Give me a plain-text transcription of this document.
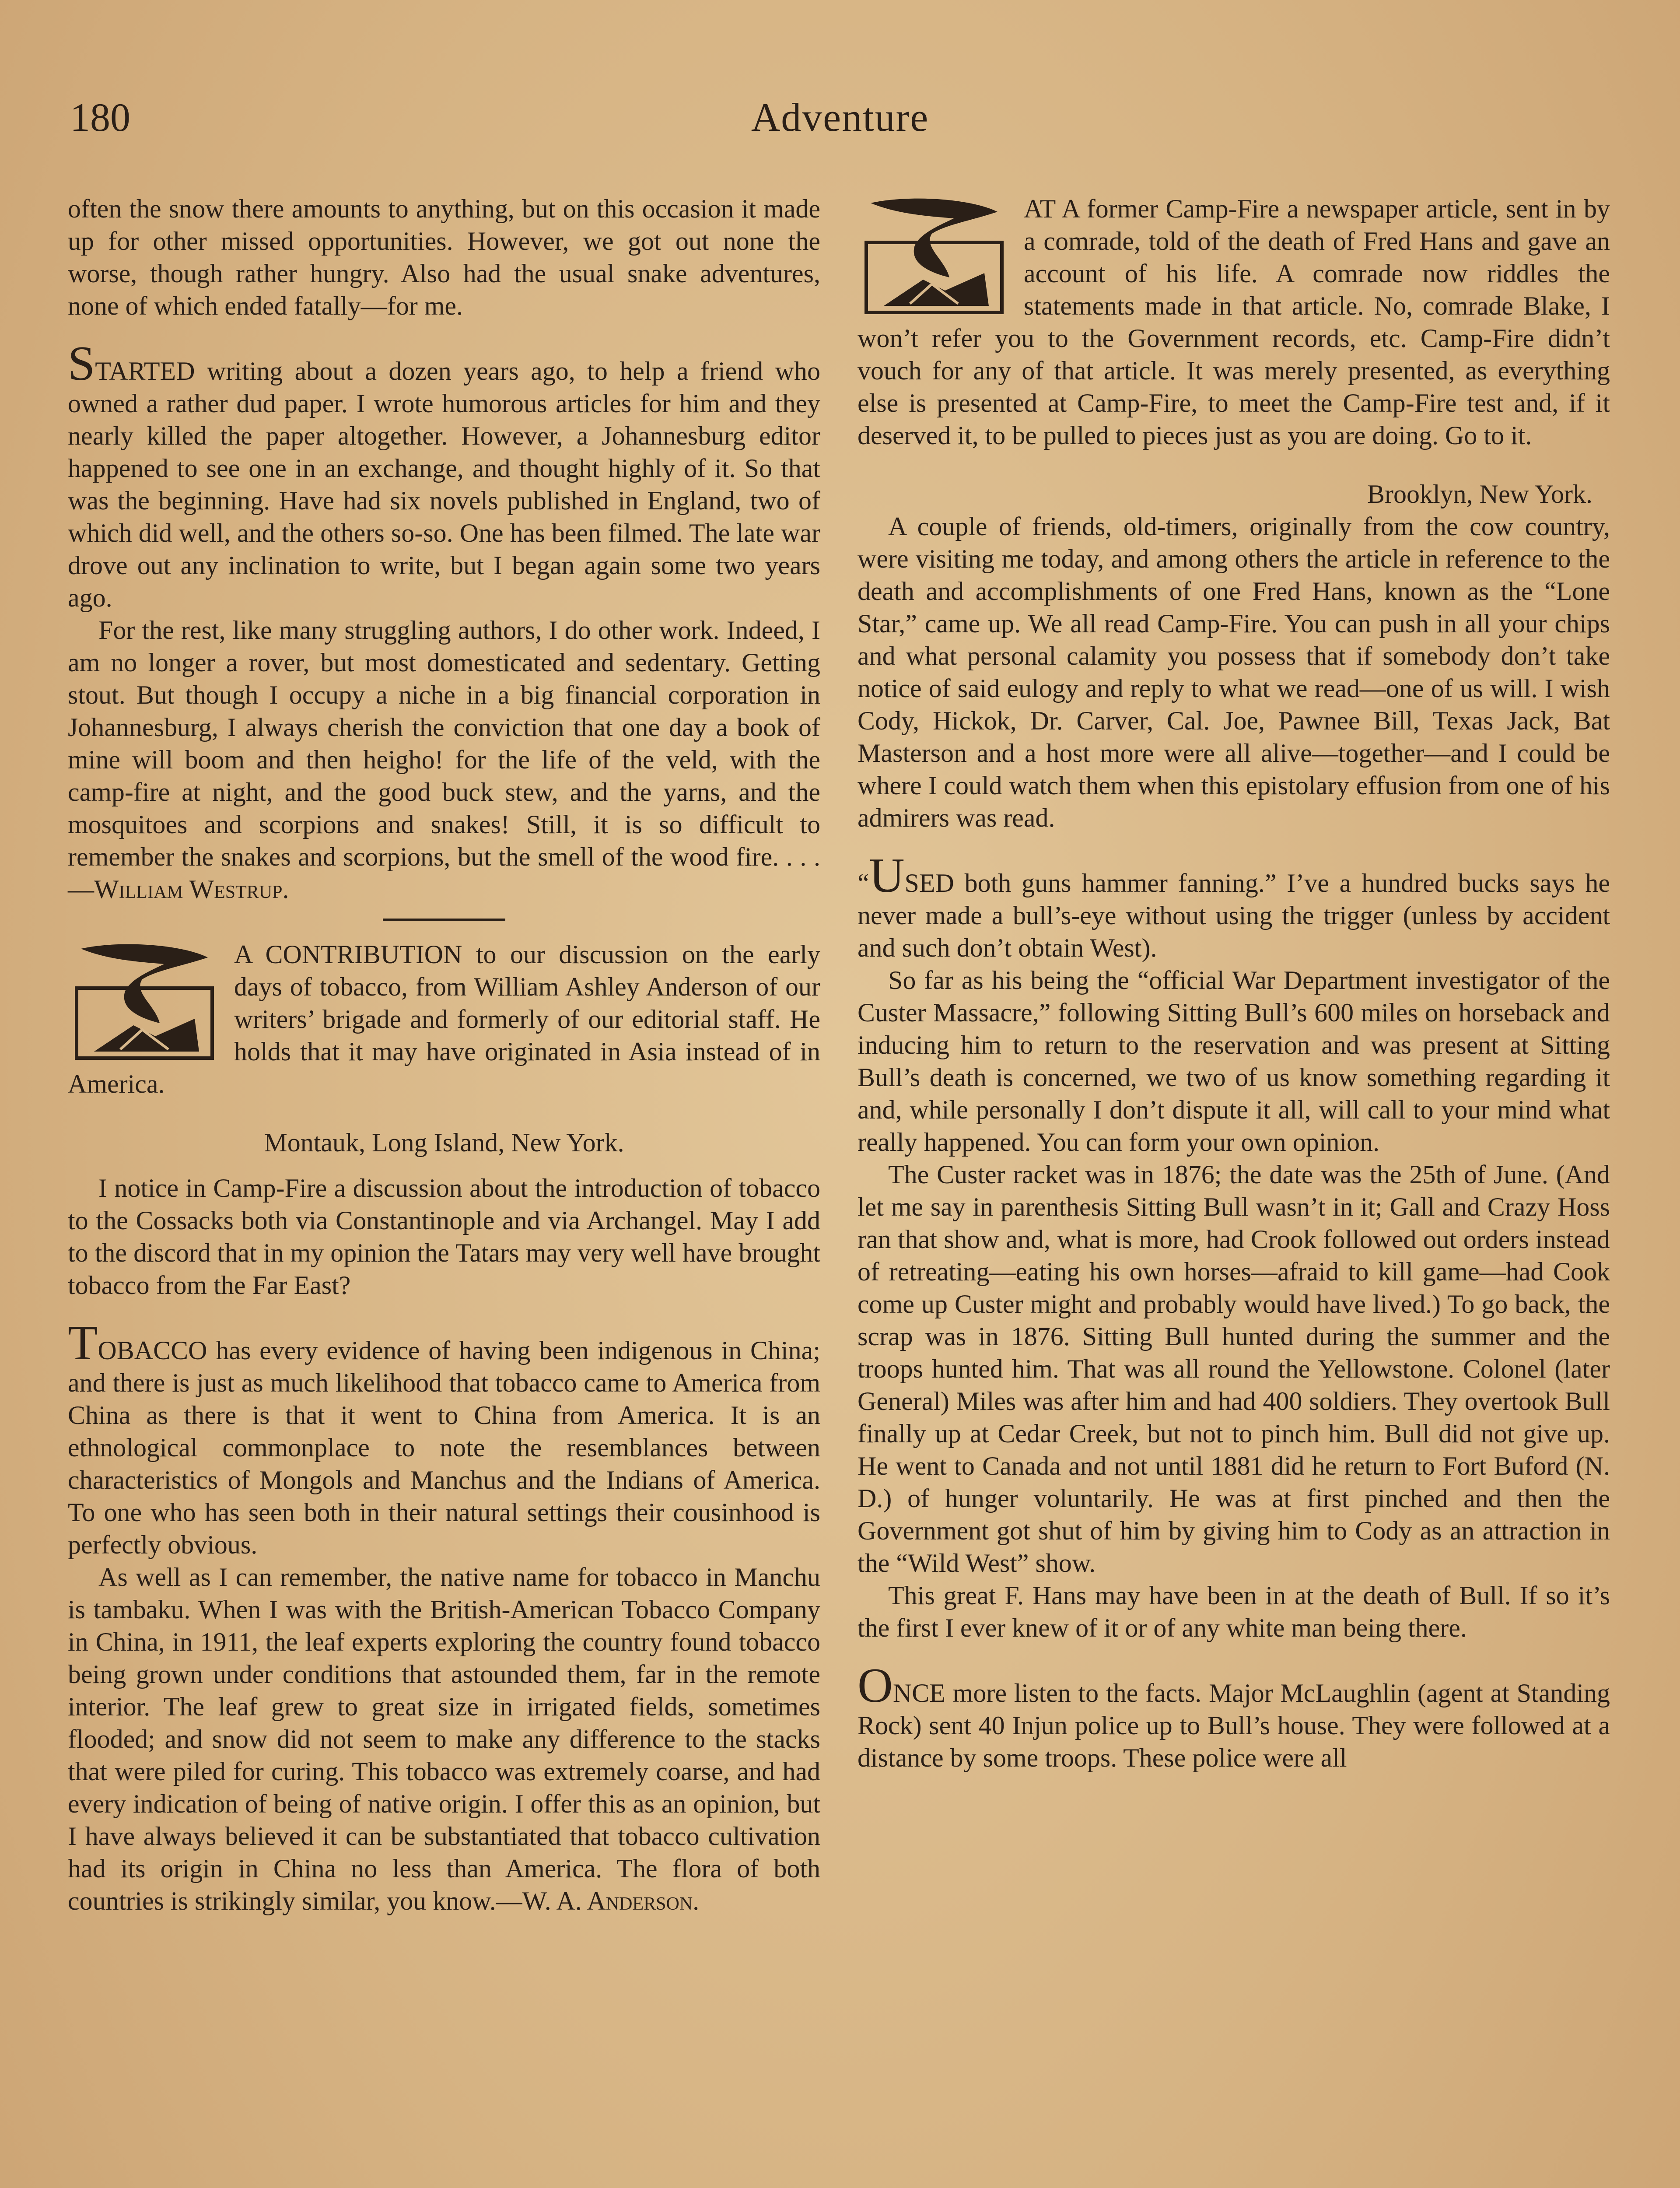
180	Adventure

often the snow there amounts to anything, but on this occasion it made up for other missed opportunities. However, we got out none the worse, though rather hungry. Also had the usual snake adventures, none of which ended fatally—for me.

STARTED writing about a dozen years ago, to help a friend who owned a rather dud paper. I wrote humorous articles for him and they nearly killed the paper altogether. However, a Johannesburg editor happened to see one in an exchange, and thought highly of it. So that was the beginning. Have had six novels published in England, two of which did well, and the others so-so. One has been filmed. The late war drove out any inclination to write, but I began again some two years ago.

For the rest, like many struggling authors, I do other work. Indeed, I am no longer a rover, but most domesticated and sedentary. Getting stout. But though I occupy a niche in a big financial corporation in Johannesburg, I always cherish the conviction that one day a book of mine will boom and then heigho! for the life of the veld, with the camp-fire at night, and the good buck stew, and the yarns, and the mosquitoes and scorpions and snakes! Still, it is so difficult to remember the snakes and scorpions, but the smell of the wood fire. . . . —William Westrup.

A CONTRIBUTION to our discussion on the early days of tobacco, from William Ashley Anderson of our writers’ brigade and formerly of our editorial staff. He holds that it may have originated in Asia instead of in America.

Montauk, Long Island, New York.

I notice in Camp-Fire a discussion about the introduction of tobacco to the Cossacks both via Constantinople and via Archangel. May I add to the discord that in my opinion the Tatars may very well have brought tobacco from the Far East?

TOBACCO has every evidence of having been indigenous in China; and there is just as much likelihood that tobacco came to America from China as there is that it went to China from America. It is an ethnological commonplace to note the resemblances between characteristics of Mongols and Manchus and the Indians of America. To one who has seen both in their natural settings their cousinhood is perfectly obvious.

As well as I can remember, the native name for tobacco in Manchu is tambaku. When I was with the British-American Tobacco Company in China, in 1911, the leaf experts exploring the country found tobacco being grown under conditions that astounded them, far in the remote interior. The leaf grew to great size in irrigated fields, sometimes flooded; and snow did not seem to make any difference to the stacks that were piled for curing. This tobacco was extremely coarse, and had every indication of being of native origin. I offer this as an opinion, but I have always believed it can be substantiated that tobacco cultivation had its origin in China no less than America. The flora of both countries is strikingly similar, you know.—W. A. Anderson.

AT A former Camp-Fire a newspaper article, sent in by a comrade, told of the death of Fred Hans and gave an account of his life. A comrade now riddles the statements made in that article. No, comrade Blake, I won’t refer you to the Government records, etc. Camp-Fire didn’t vouch for any of that article. It was merely presented, as everything else is presented at Camp-Fire, to meet the Camp-Fire test and, if it deserved it, to be pulled to pieces just as you are doing. Go to it.

Brooklyn, New York.

A couple of friends, old-timers, originally from the cow country, were visiting me today, and among others the article in reference to the death and accomplishments of one Fred Hans, known as the “Lone Star,” came up. We all read Camp-Fire. You can push in all your chips and what personal calamity you possess that if somebody don’t take notice of said eulogy and reply to what we read—one of us will. I wish Cody, Hickok, Dr. Carver, Cal. Joe, Pawnee Bill, Texas Jack, Bat Masterson and a host more were all alive—together—and I could be where I could watch them when this epistolary effusion from one of his admirers was read.

“USED both guns hammer fanning.” I’ve a hundred bucks says he never made a bull’s-eye without using the trigger (unless by accident and such don’t obtain West).

So far as his being the “official War Department investigator of the Custer Massacre,” following Sitting Bull’s 600 miles on horseback and inducing him to return to the reservation and was present at Sitting Bull’s death is concerned, we two of us know something regarding it and, while personally I don’t dispute it all, will call to your mind what really happened. You can form your own opinion.

The Custer racket was in 1876; the date was the 25th of June. (And let me say in parenthesis Sitting Bull wasn’t in it; Gall and Crazy Hoss ran that show and, what is more, had Crook followed out orders instead of retreating—eating his own horses—afraid to kill game—had Cook come up Custer might and probably would have lived.) To go back, the scrap was in 1876. Sitting Bull hunted during the summer and the troops hunted him. That was all round the Yellowstone. Colonel (later General) Miles was after him and had 400 soldiers. They overtook Bull finally up at Cedar Creek, but not to pinch him. Bull did not give up. He went to Canada and not until 1881 did he return to Fort Buford (N. D.) of hunger voluntarily. He was at first pinched and then the Government got shut of him by giving him to Cody as an attraction in the “Wild West” show.

This great F. Hans may have been in at the death of Bull. If so it’s the first I ever knew of it or of any white man being there.

ONCE more listen to the facts. Major McLaughlin (agent at Standing Rock) sent 40 Injun police up to Bull’s house. They were followed at a distance by some troops. These police were all
